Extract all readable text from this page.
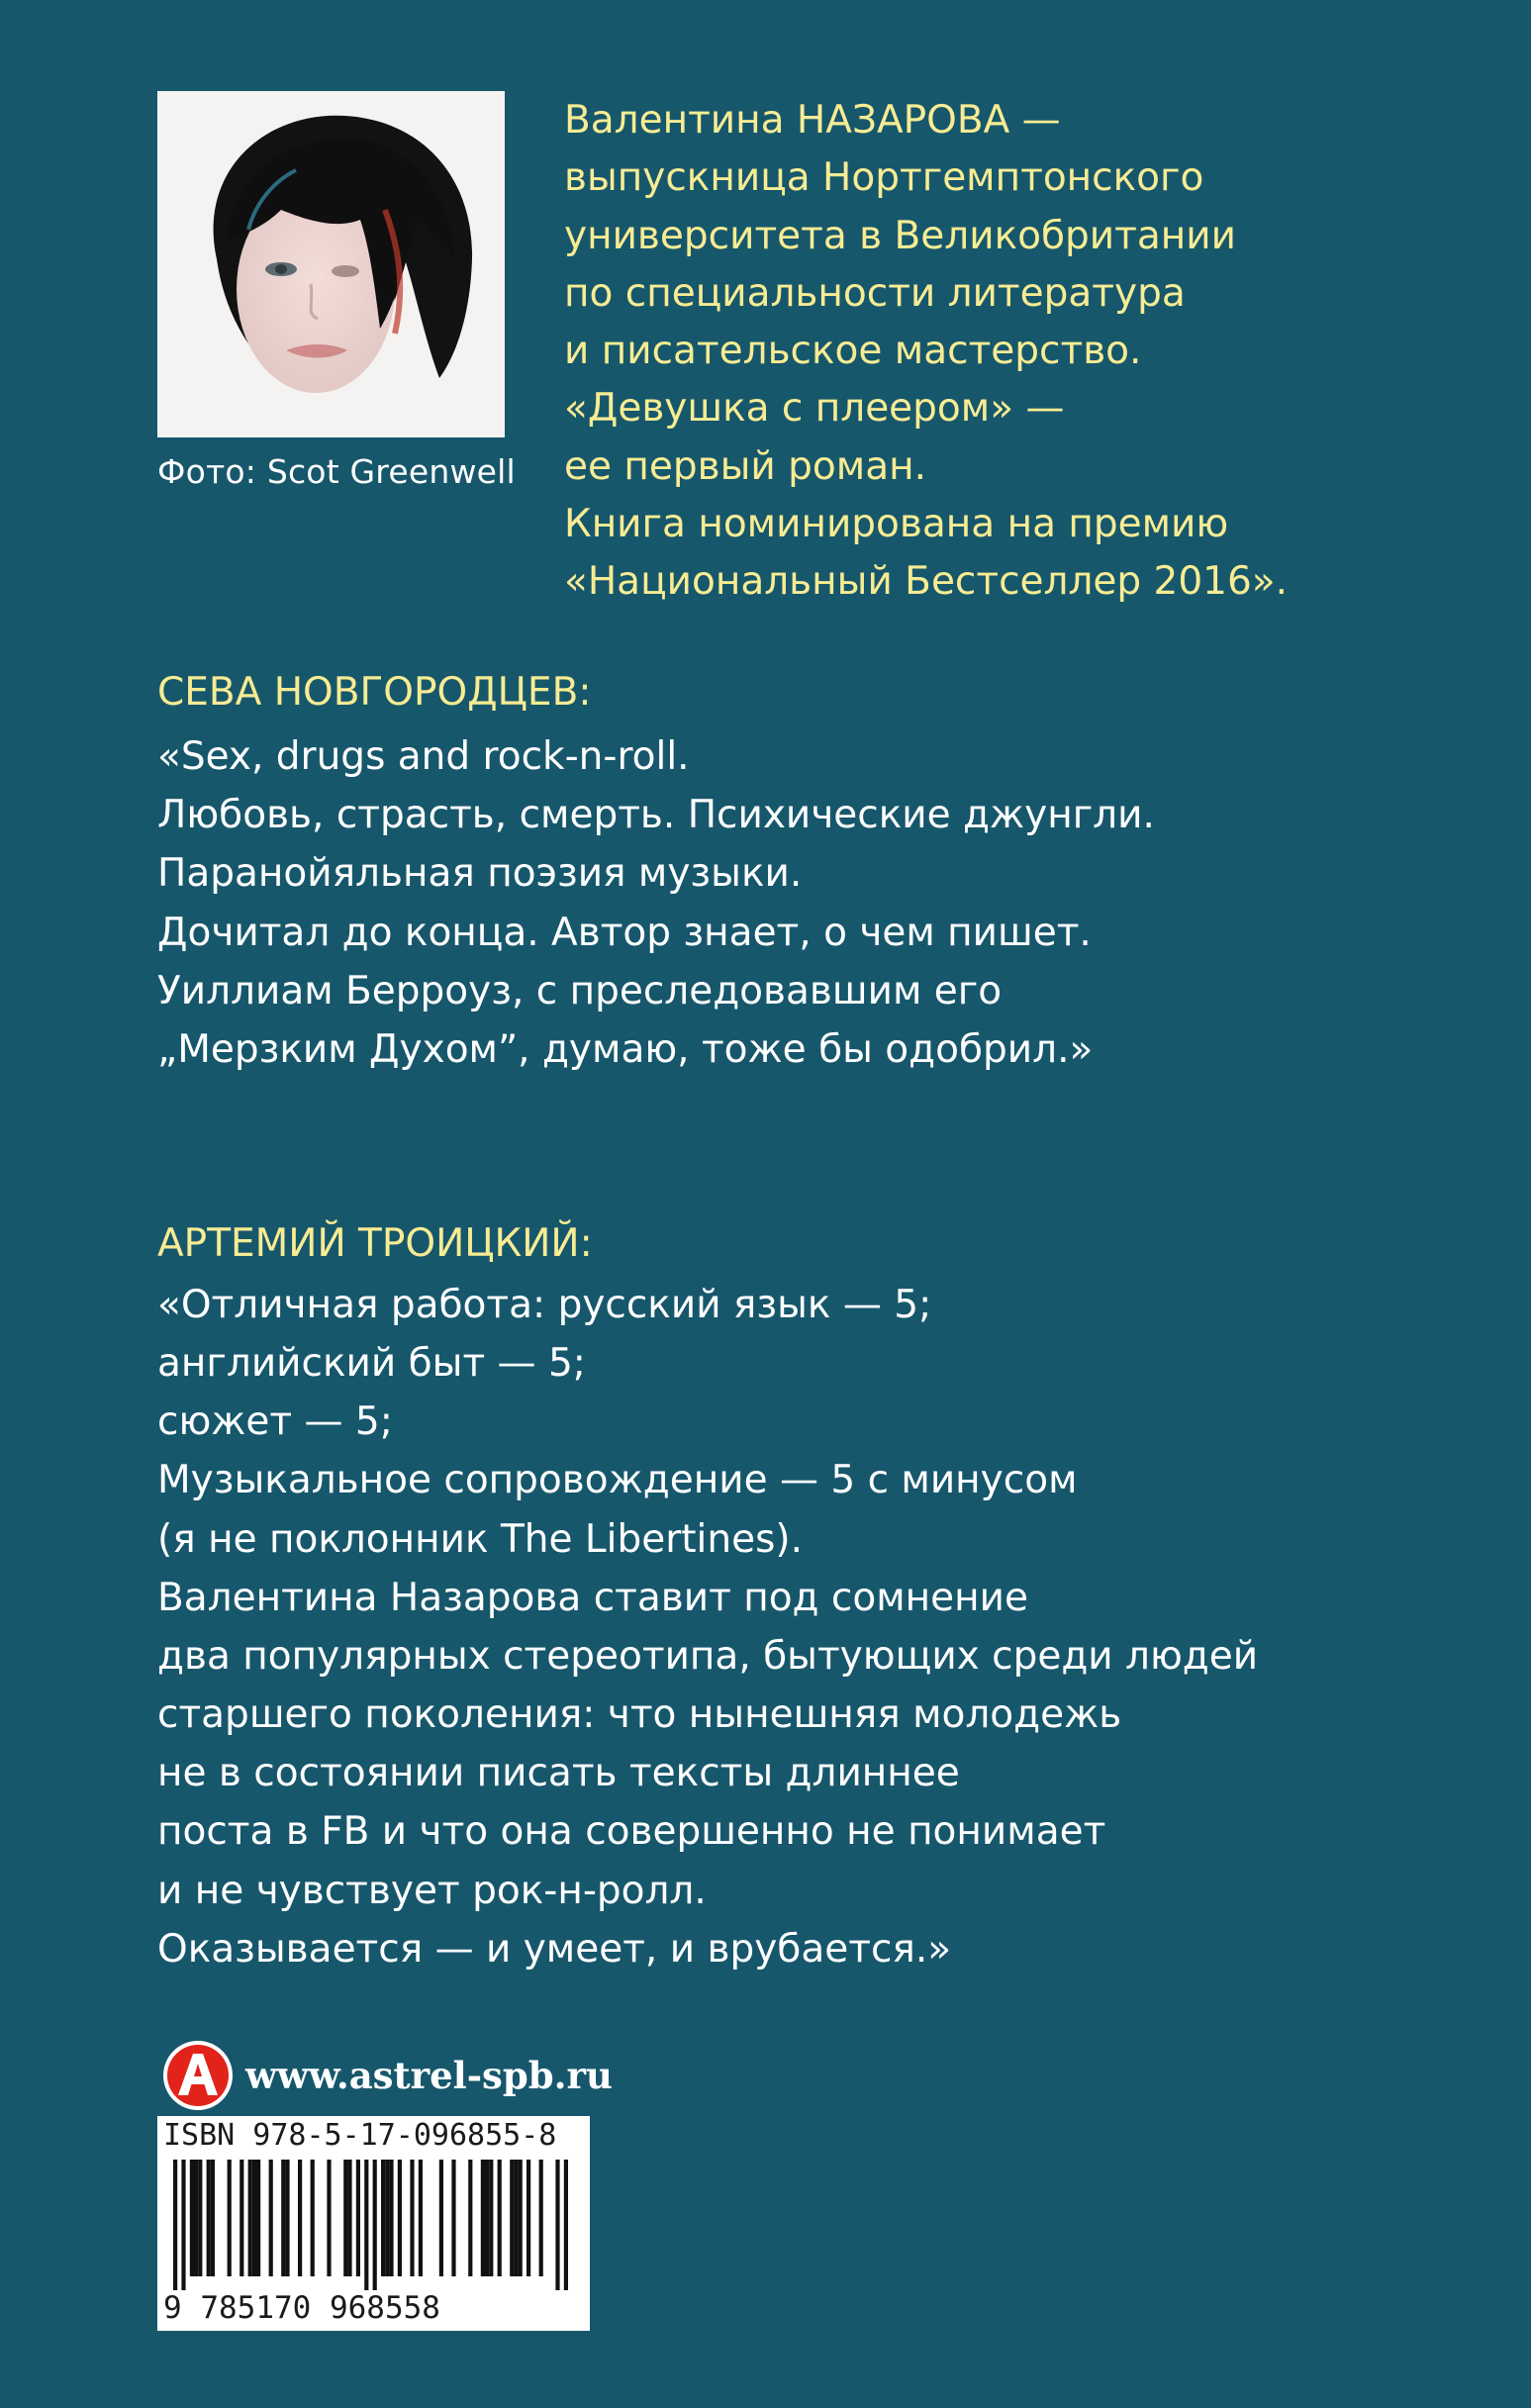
Фото: Scot Greenwell
Валентина НАЗАРОВА —
выпускница Нортгемптонского
университета в Великобритании
по специальности литература
и писательское мастерство.
«Девушка с плеером» —
ее первый роман.
Книга номинирована на премию
«Национальный Бестселлер 2016».
СЕВА НОВГОРОДЦЕВ:
«Sex, drugs and rock-n-roll.
Любовь, страсть, смерть. Психические джунгли.
Паранойяльная поэзия музыки.
Дочитал до конца. Автор знает, о чем пишет.
Уиллиам Берроуз, с преследовавшим его
„Мерзким Духом”, думаю, тоже бы одобрил.»
АРТЕМИЙ ТРОИЦКИЙ:
«Отличная работа: русский язык — 5;
английский быт — 5;
сюжет — 5;
Музыкальное сопровождение — 5 с минусом
(я не поклонник The Libertines).
Валентина Назарова ставит под сомнение
два популярных стереотипа, бытующих среди людей
старшего поколения: что нынешняя молодежь
не в состоянии писать тексты длиннее
поста в FB и что она совершенно не понимает
и не чувствует рок-н-ролл.
Оказывается — и умеет, и врубается.»
www.astrel-spb.ru
ISBN 978-5-17-096855-8
9 785170 968558
